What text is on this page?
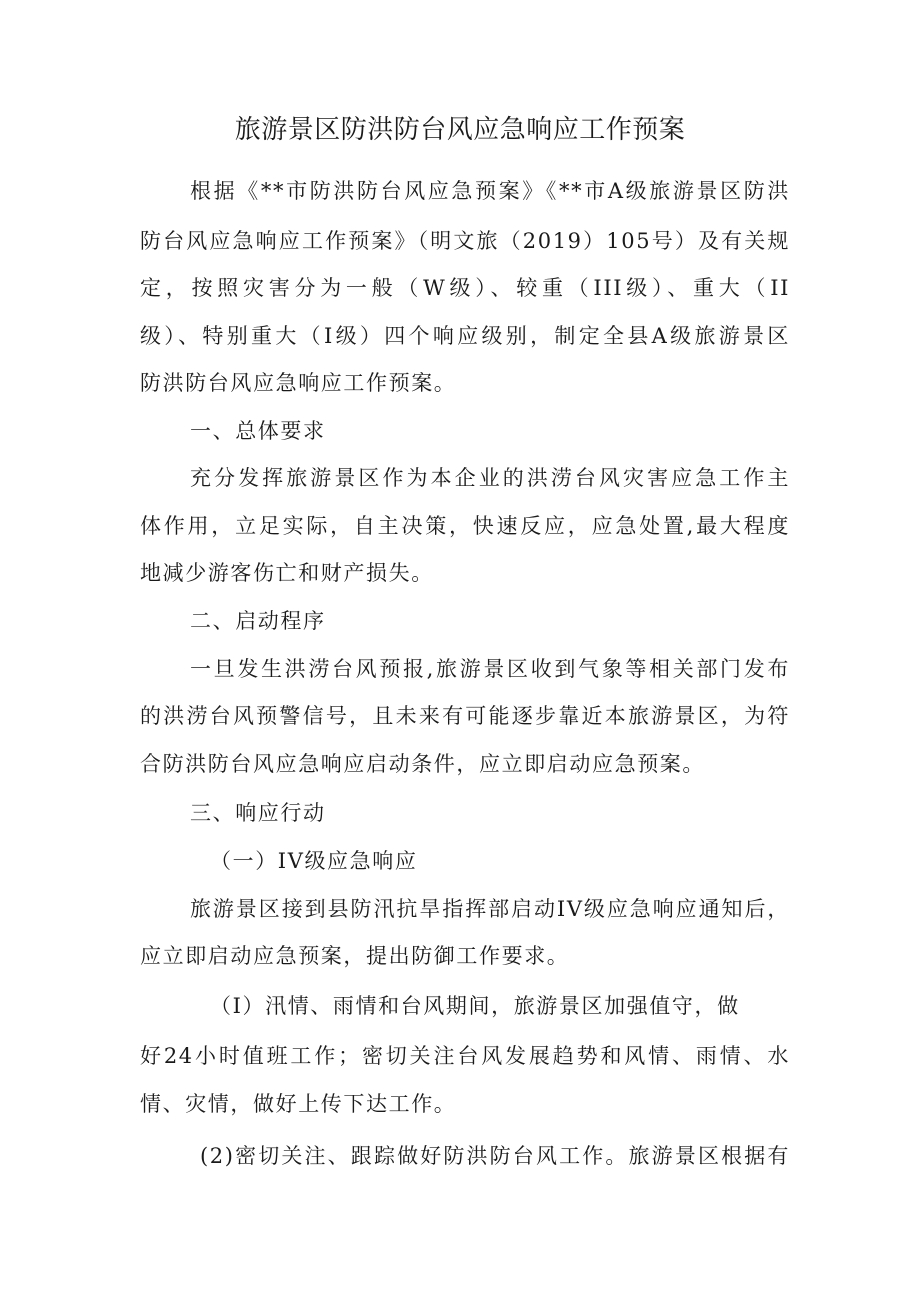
旅游景区防洪防台风应急响应工作预案
根据《**市防洪防台风应急预案》《**市A级旅游景区防洪
防台风应急响应工作预案》（明文旅（2019）105号）及有关规
定，按照灾害分为一般（W级）、较重（III级）、重大（II
级）、特别重大（I级）四个响应级别，制定全县A级旅游景区
防洪防台风应急响应工作预案。
一、总体要求
充分发挥旅游景区作为本企业的洪涝台风灾害应急工作主
体作用，立足实际，自主决策，快速反应，应急处置,最大程度
地减少游客伤亡和财产损失。
二、启动程序
一旦发生洪涝台风预报,旅游景区收到气象等相关部门发布
的洪涝台风预警信号，且未来有可能逐步靠近本旅游景区，为符
合防洪防台风应急响应启动条件，应立即启动应急预案。
三、响应行动
（一）IV级应急响应
旅游景区接到县防汛抗旱指挥部启动IV级应急响应通知后，
应立即启动应急预案，提出防御工作要求。
（I）汛情、雨情和台风期间，旅游景区加强值守，做
好24小时值班工作；密切关注台风发展趋势和风情、雨情、水
情、灾情，做好上传下达工作。
(2)密切关注、跟踪做好防洪防台风工作。旅游景区根据有
